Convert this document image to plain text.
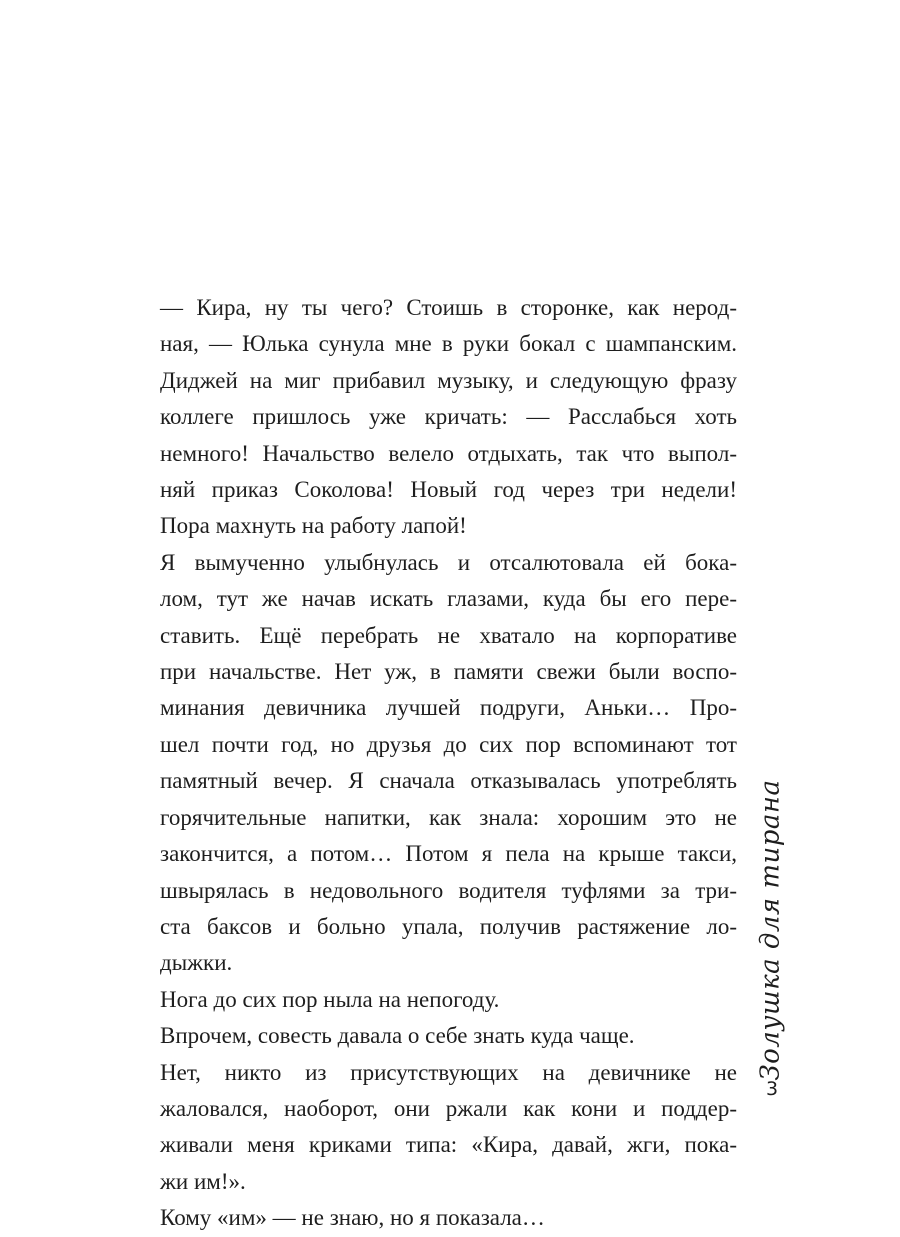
— Кира, ну ты чего? Стоишь в сторонке, как нерод-
ная, — Юлька сунула мне в руки бокал с шампанским.
Диджей на миг прибавил музыку, и следующую фразу
коллеге пришлось уже кричать: — Расслабься хоть
немного! Начальство велело отдыхать, так что выпол-
няй приказ Соколова! Новый год через три недели!
Пора махнуть на работу лапой!

Я вымученно улыбнулась и отсалютовала ей бока-
лом, тут же начав искать глазами, куда бы его пере-
ставить. Ещё перебрать не хватало на корпоративе
при начальстве. Нет уж, в памяти свежи были воспо-
минания девичника лучшей подруги, Аньки… Про-
шел почти год, но друзья до сих пор вспоминают тот
памятный вечер. Я сначала отказывалась употреблять
горячительные напитки, как знала: хорошим это не
закончится, а потом… Потом я пела на крыше такси,
швырялась в недовольного водителя туфлями за три-
ста баксов и больно упала, получив растяжение ло-
дыжки.

Нога до сих пор ныла на непогоду.

Впрочем, совесть давала о себе знать куда чаще.

Нет, никто из присутствующих на девичнике не
жаловался, наоборот, они ржали как кони и поддер-
живали меня криками типа: «Кира, давай, жги, пока-
жи им!».

Кому «им» — не знаю, но я показала…

Золушка для тирана
3
